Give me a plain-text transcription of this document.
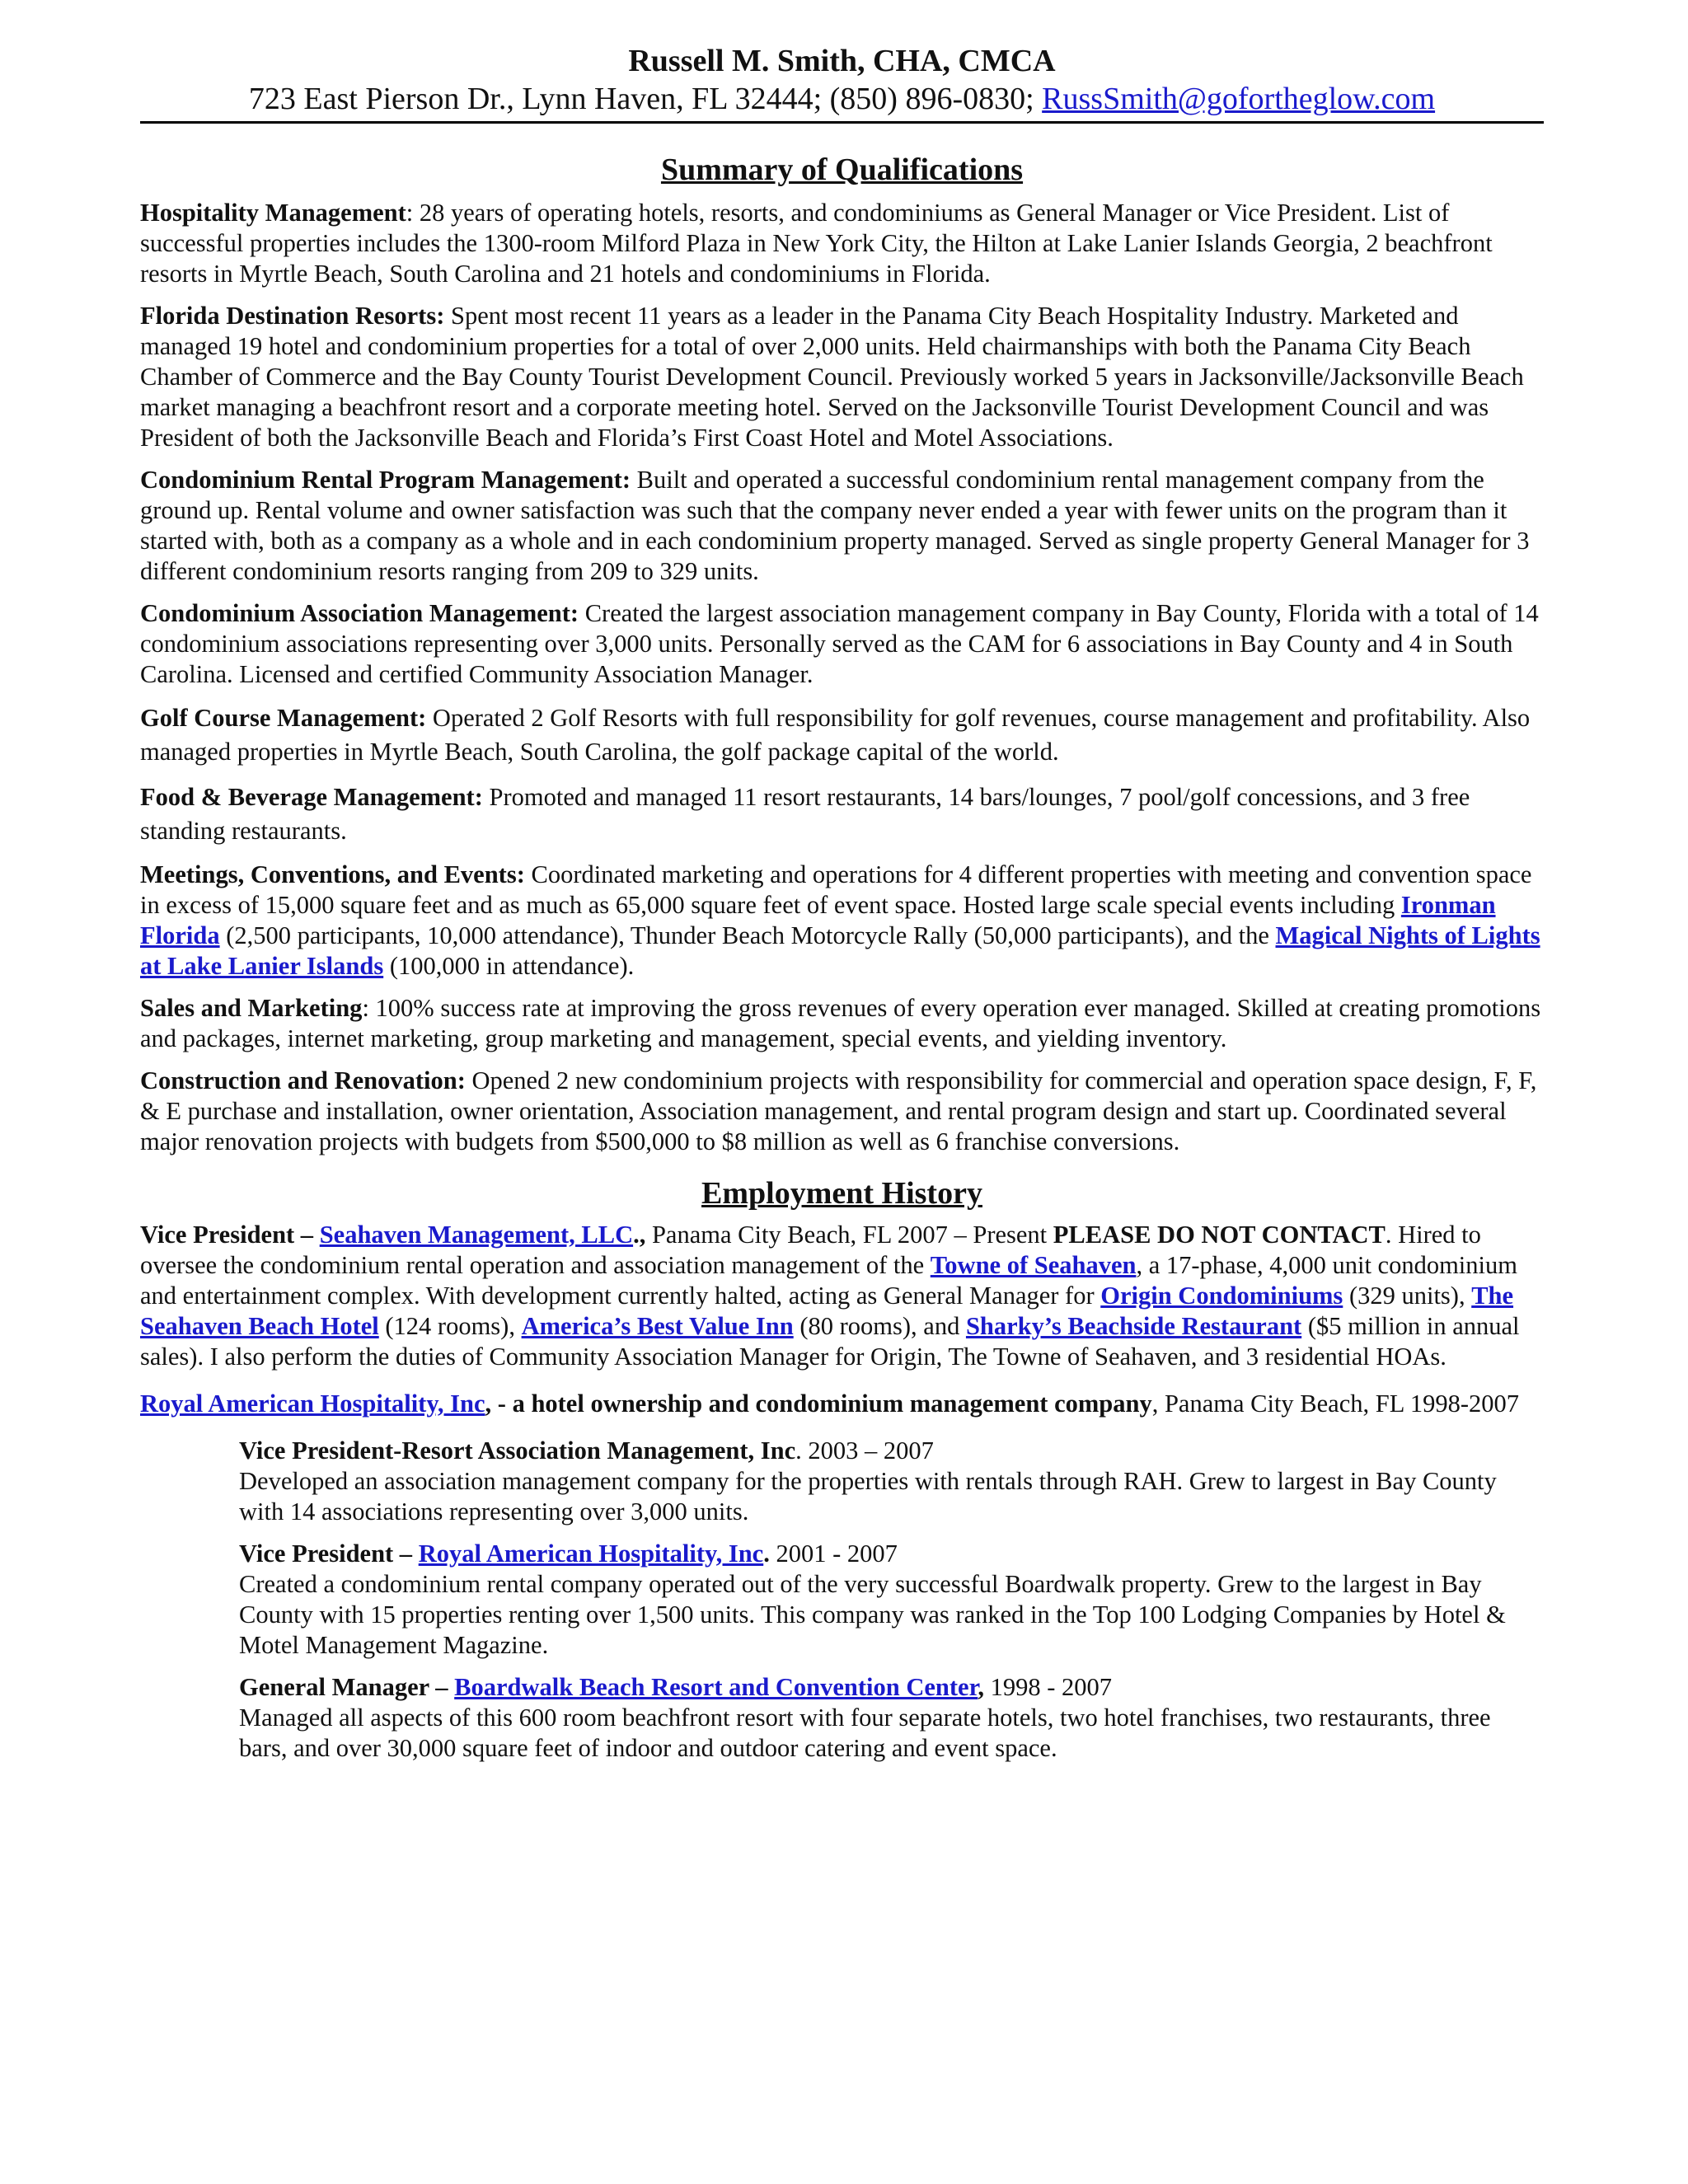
Russell M. Smith, CHA, CMCA

723 East Pierson Dr., Lynn Haven, FL 32444; (850) 896-0830; RussSmith@gofortheglow.com

Summary of Qualifications

Hospitality Management: 28 years of operating hotels, resorts, and condominiums as General Manager or Vice President. List of successful properties includes the 1300-room Milford Plaza in New York City, the Hilton at Lake Lanier Islands Georgia, 2 beachfront resorts in Myrtle Beach, South Carolina and 21 hotels and condominiums in Florida.

Florida Destination Resorts: Spent most recent 11 years as a leader in the Panama City Beach Hospitality Industry. Marketed and managed 19 hotel and condominium properties for a total of over 2,000 units. Held chairmanships with both the Panama City Beach Chamber of Commerce and the Bay County Tourist Development Council. Previously worked 5 years in Jacksonville/Jacksonville Beach market managing a beachfront resort and a corporate meeting hotel. Served on the Jacksonville Tourist Development Council and was President of both the Jacksonville Beach and Florida’s First Coast Hotel and Motel Associations.

Condominium Rental Program Management: Built and operated a successful condominium rental management company from the ground up. Rental volume and owner satisfaction was such that the company never ended a year with fewer units on the program than it started with, both as a company as a whole and in each condominium property managed. Served as single property General Manager for 3 different condominium resorts ranging from 209 to 329 units.

Condominium Association Management: Created the largest association management company in Bay County, Florida with a total of 14 condominium associations representing over 3,000 units. Personally served as the CAM for 6 associations in Bay County and 4 in South Carolina. Licensed and certified Community Association Manager.

Golf Course Management: Operated 2 Golf Resorts with full responsibility for golf revenues, course management and profitability. Also managed properties in Myrtle Beach, South Carolina, the golf package capital of the world.

Food & Beverage Management: Promoted and managed 11 resort restaurants, 14 bars/lounges, 7 pool/golf concessions, and 3 free standing restaurants.

Meetings, Conventions, and Events: Coordinated marketing and operations for 4 different properties with meeting and convention space in excess of 15,000 square feet and as much as 65,000 square feet of event space. Hosted large scale special events including Ironman Florida (2,500 participants, 10,000 attendance), Thunder Beach Motorcycle Rally (50,000 participants), and the Magical Nights of Lights at Lake Lanier Islands (100,000 in attendance).

Sales and Marketing: 100% success rate at improving the gross revenues of every operation ever managed. Skilled at creating promotions and packages, internet marketing, group marketing and management, special events, and yielding inventory.

Construction and Renovation: Opened 2 new condominium projects with responsibility for commercial and operation space design, F, F, & E purchase and installation, owner orientation, Association management, and rental program design and start up. Coordinated several major renovation projects with budgets from $500,000 to $8 million as well as 6 franchise conversions.

Employment History

Vice President – Seahaven Management, LLC., Panama City Beach, FL 2007 – Present PLEASE DO NOT CONTACT. Hired to oversee the condominium rental operation and association management of the Towne of Seahaven, a 17-phase, 4,000 unit condominium and entertainment complex. With development currently halted, acting as General Manager for Origin Condominiums (329 units), The Seahaven Beach Hotel (124 rooms), America’s Best Value Inn (80 rooms), and Sharky’s Beachside Restaurant ($5 million in annual sales). I also perform the duties of Community Association Manager for Origin, The Towne of Seahaven, and 3 residential HOAs.

Royal American Hospitality, Inc, - a hotel ownership and condominium management company, Panama City Beach, FL 1998-2007

Vice President-Resort Association Management, Inc. 2003 – 2007

Developed an association management company for the properties with rentals through RAH. Grew to largest in Bay County with 14 associations representing over 3,000 units.

Vice President – Royal American Hospitality, Inc. 2001 - 2007

Created a condominium rental company operated out of the very successful Boardwalk property. Grew to the largest in Bay County with 15 properties renting over 1,500 units. This company was ranked in the Top 100 Lodging Companies by Hotel & Motel Management Magazine.

General Manager – Boardwalk Beach Resort and Convention Center, 1998 - 2007

Managed all aspects of this 600 room beachfront resort with four separate hotels, two hotel franchises, two restaurants, three bars, and over 30,000 square feet of indoor and outdoor catering and event space.
